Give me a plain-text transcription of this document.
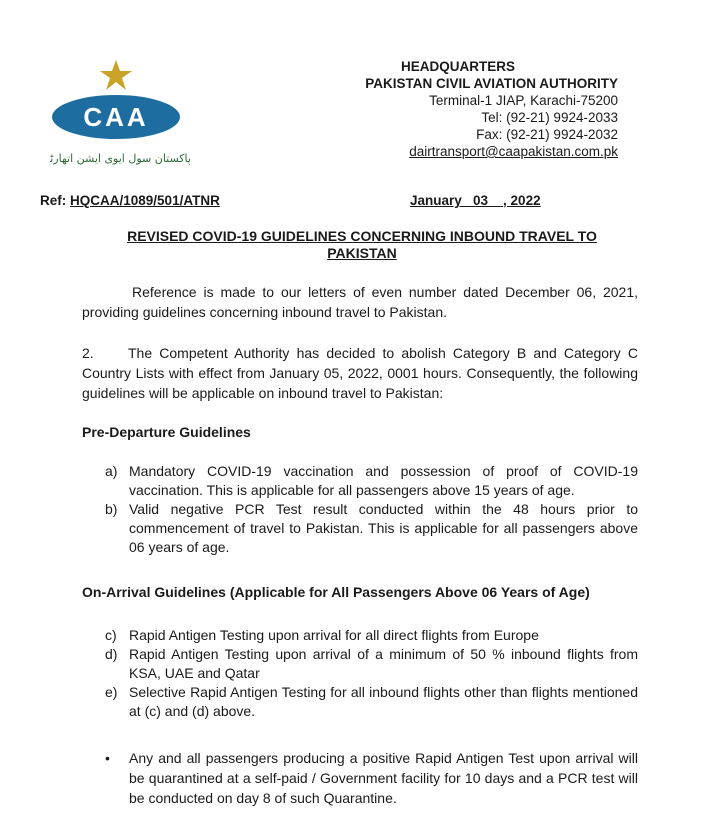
CAA
پاکستان سول ایوی ایشن اتھارٹی
HEADQUARTERS
PAKISTAN CIVIL AVIATION AUTHORITY
Terminal-1 JIAP, Karachi-75200
Tel: (92-21) 9924-2033
Fax: (92-21) 9924-2032
dairtransport@caapakistan.com.pk
Ref: HQCAA/1089/501/ATNR	January   03    , 2022
REVISED COVID-19 GUIDELINES CONCERNING INBOUND TRAVEL TO PAKISTAN
Reference is made to our letters of even number dated December 06, 2021, providing guidelines concerning inbound travel to Pakistan.
2. The Competent Authority has decided to abolish Category B and Category C Country Lists with effect from January 05, 2022, 0001 hours. Consequently, the following guidelines will be applicable on inbound travel to Pakistan:
Pre-Departure Guidelines
a) Mandatory COVID-19 vaccination and possession of proof of COVID-19 vaccination. This is applicable for all passengers above 15 years of age.
b) Valid negative PCR Test result conducted within the 48 hours prior to commencement of travel to Pakistan. This is applicable for all passengers above 06 years of age.
On-Arrival Guidelines (Applicable for All Passengers Above 06 Years of Age)
c) Rapid Antigen Testing upon arrival for all direct flights from Europe
d) Rapid Antigen Testing upon arrival of a minimum of 50 % inbound flights from KSA, UAE and Qatar
e) Selective Rapid Antigen Testing for all inbound flights other than flights mentioned at (c) and (d) above.
•	Any and all passengers producing a positive Rapid Antigen Test upon arrival will be quarantined at a self-paid / Government facility for 10 days and a PCR test will be conducted on day 8 of such Quarantine.
